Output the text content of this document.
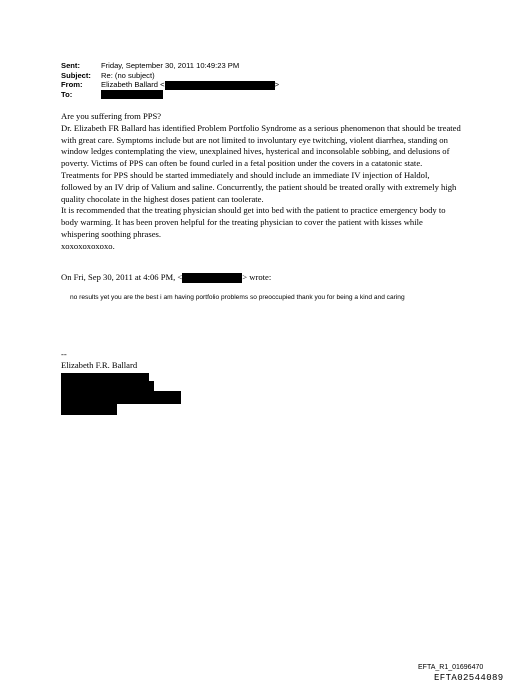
Sent:	Friday, September 30, 2011 10:49:23 PM
Subject:	Re: (no subject)
From:	Elizabeth Ballard <	>
To:

Are you suffering from PPS?

Dr. Elizabeth FR Ballard has identified Problem Portfolio Syndrome as a serious phenomenon that should be treated with great care. Symptoms include but are not limited to involuntary eye twitching, violent diarrhea, standing on window ledges contemplating the view, unexplained hives, hysterical and inconsolable sobbing, and delusions of poverty. Victims of PPS can often be found curled in a fetal position under the covers in a catatonic state.

Treatments for PPS should be started immediately and should include an immediate IV injection of Haldol, followed by an IV drip of Valium and saline. Concurrently, the patient should be treated orally with extremely high quality chocolate in the highest doses patient can toolerate.

It is recommended that the treating physician should get into bed with the patient to practice emergency body to body warming. It has been proven helpful for the treating physician to cover the patient with kisses while whispering soothing phrases.

xoxoxoxoxoxo.

On Fri, Sep 30, 2011 at 4:06 PM, <	> wrote:
no results yet you are the best i am having portfolio problems so preoccupied thank you for being a kind and caring
--
Elizabeth F.R. Ballard
EFTA_R1_01696470
EFTA02544089
